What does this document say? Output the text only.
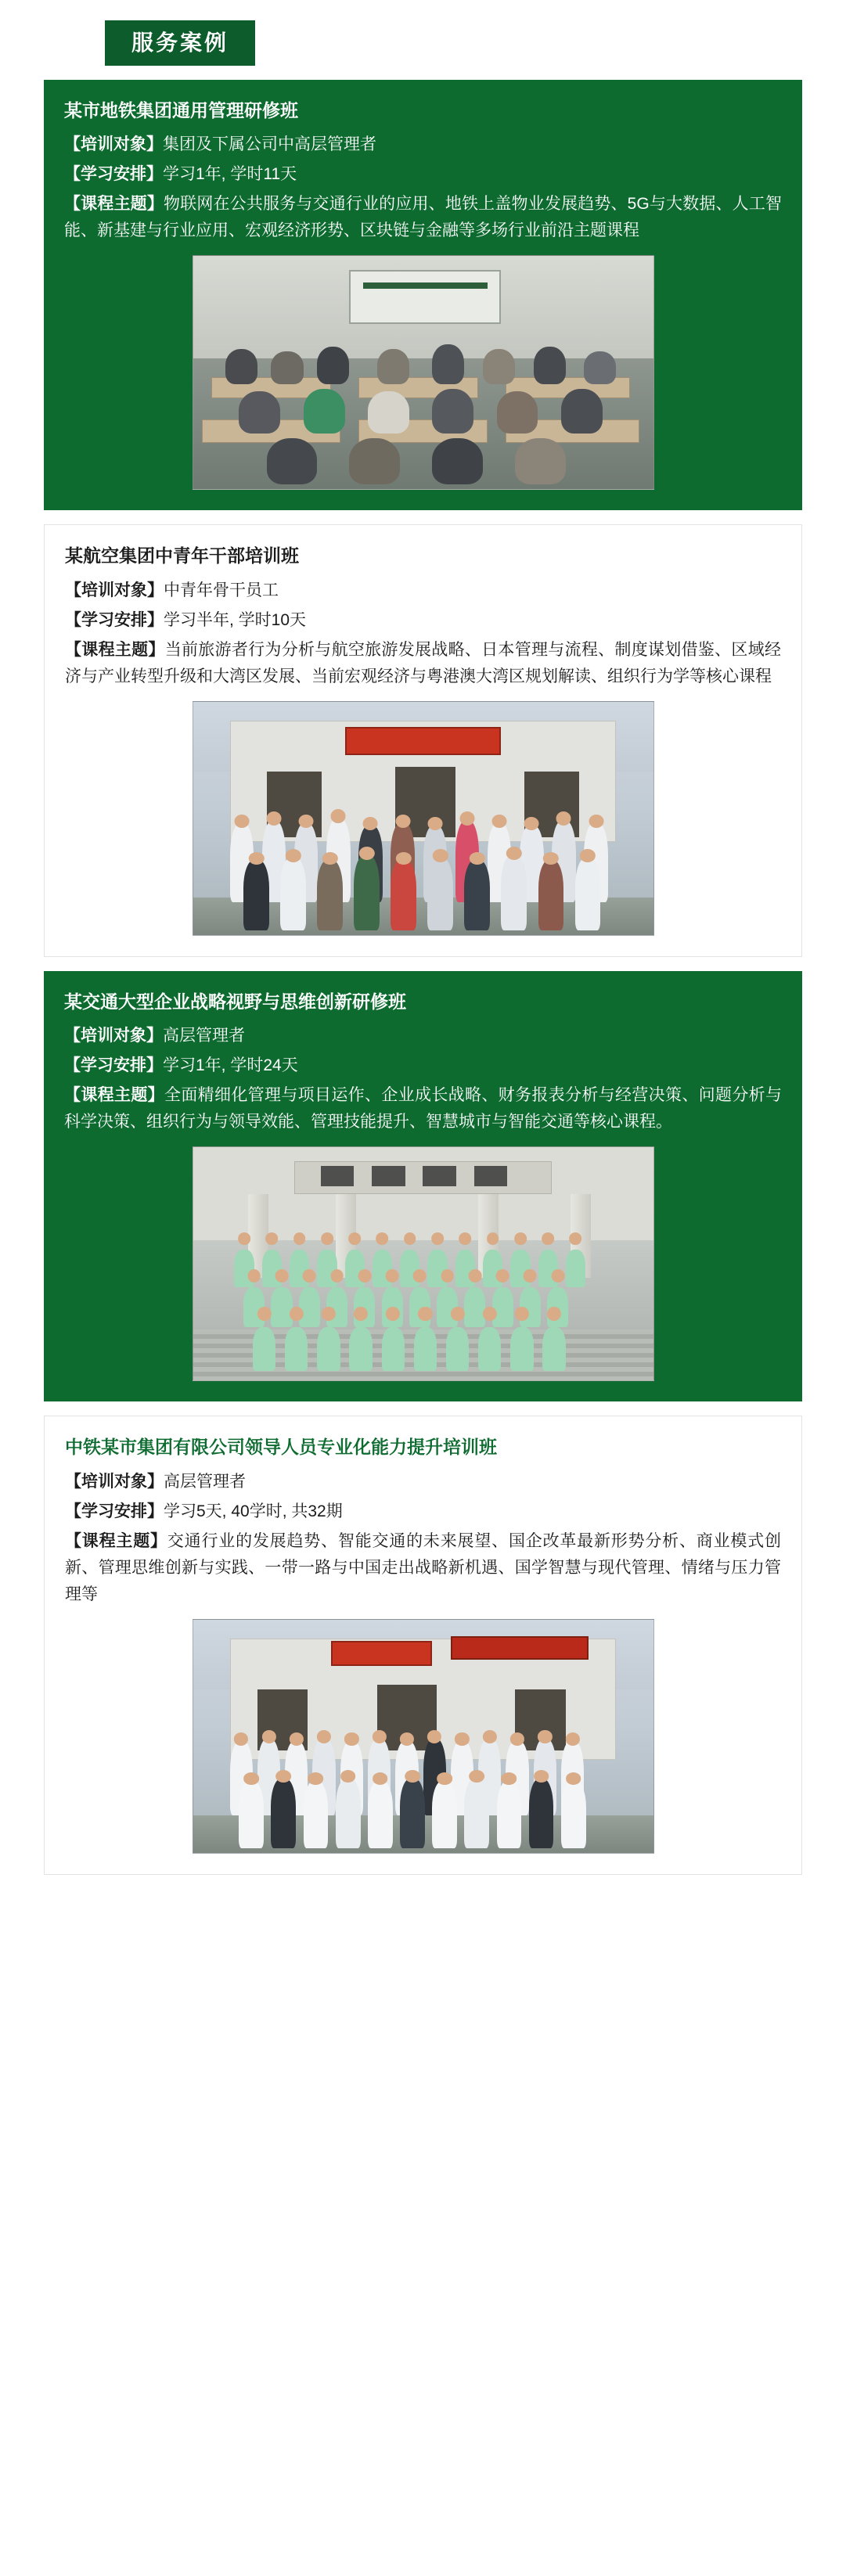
服务案例
某市地铁集团通用管理研修班
【培训对象】集团及下属公司中高层管理者
【学习安排】学习1年, 学时11天
【课程主题】物联网在公共服务与交通行业的应用、地铁上盖物业发展趋势、5G与大数据、人工智能、新基建与行业应用、宏观经济形势、区块链与金融等多场行业前沿主题课程
某航空集团中青年干部培训班
【培训对象】中青年骨干员工
【学习安排】学习半年, 学时10天
【课程主题】当前旅游者行为分析与航空旅游发展战略、日本管理与流程、制度谋划借鉴、区域经济与产业转型升级和大湾区发展、当前宏观经济与粤港澳大湾区规划解读、组织行为学等核心课程
某交通大型企业战略视野与思维创新研修班
【培训对象】高层管理者
【学习安排】学习1年, 学时24天
【课程主题】全面精细化管理与项目运作、企业成长战略、财务报表分析与经营决策、问题分析与科学决策、组织行为与领导效能、管理技能提升、智慧城市与智能交通等核心课程。
中铁某市集团有限公司领导人员专业化能力提升培训班
【培训对象】高层管理者
【学习安排】学习5天, 40学时, 共32期
【课程主题】交通行业的发展趋势、智能交通的未来展望、国企改革最新形势分析、商业模式创新、管理思维创新与实践、一带一路与中国走出战略新机遇、国学智慧与现代管理、情绪与压力管理等
